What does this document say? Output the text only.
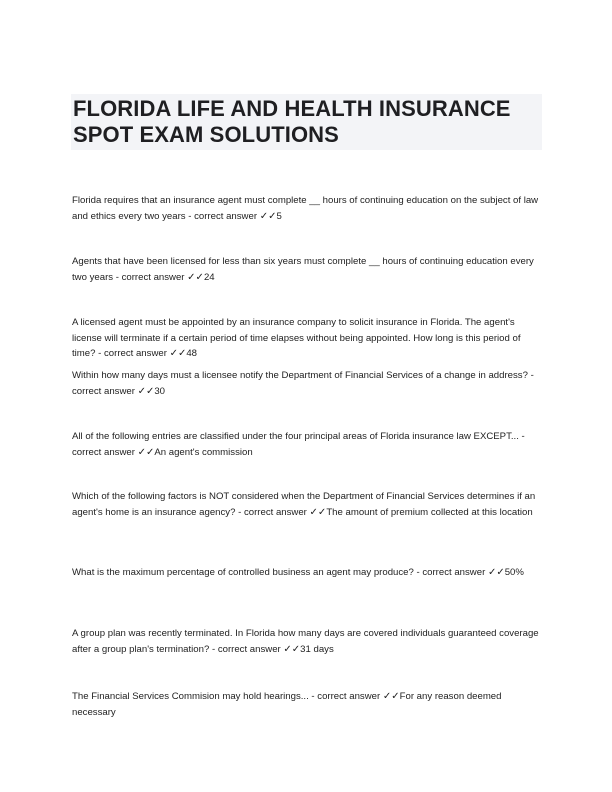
FLORIDA LIFE AND HEALTH INSURANCE SPOT EXAM SOLUTIONS

Florida requires that an insurance agent must complete __ hours of continuing education on the subject of law and ethics every two years - correct answer ✓✓5

Agents that have been licensed for less than six years must complete __ hours of continuing education every two years - correct answer ✓✓24

A licensed agent must be appointed by an insurance company to solicit insurance in Florida. The agent's license will terminate if a certain period of time elapses without being appointed. How long is this period of time? - correct answer ✓✓48

Within how many days must a licensee notify the Department of Financial Services of a change in address? - correct answer ✓✓30

All of the following entries are classified under the four principal areas of Florida insurance law EXCEPT... - correct answer ✓✓An agent's commission

Which of the following factors is NOT considered when the Department of Financial Services determines if an agent's home is an insurance agency? - correct answer ✓✓The amount of premium collected at this location

What is the maximum percentage of controlled business an agent may produce? - correct answer ✓✓50%

A group plan was recently terminated. In Florida how many days are covered individuals guaranteed coverage after a group plan's termination? - correct answer ✓✓31 days

The Financial Services Commision may hold hearings... - correct answer ✓✓For any reason deemed necessary
